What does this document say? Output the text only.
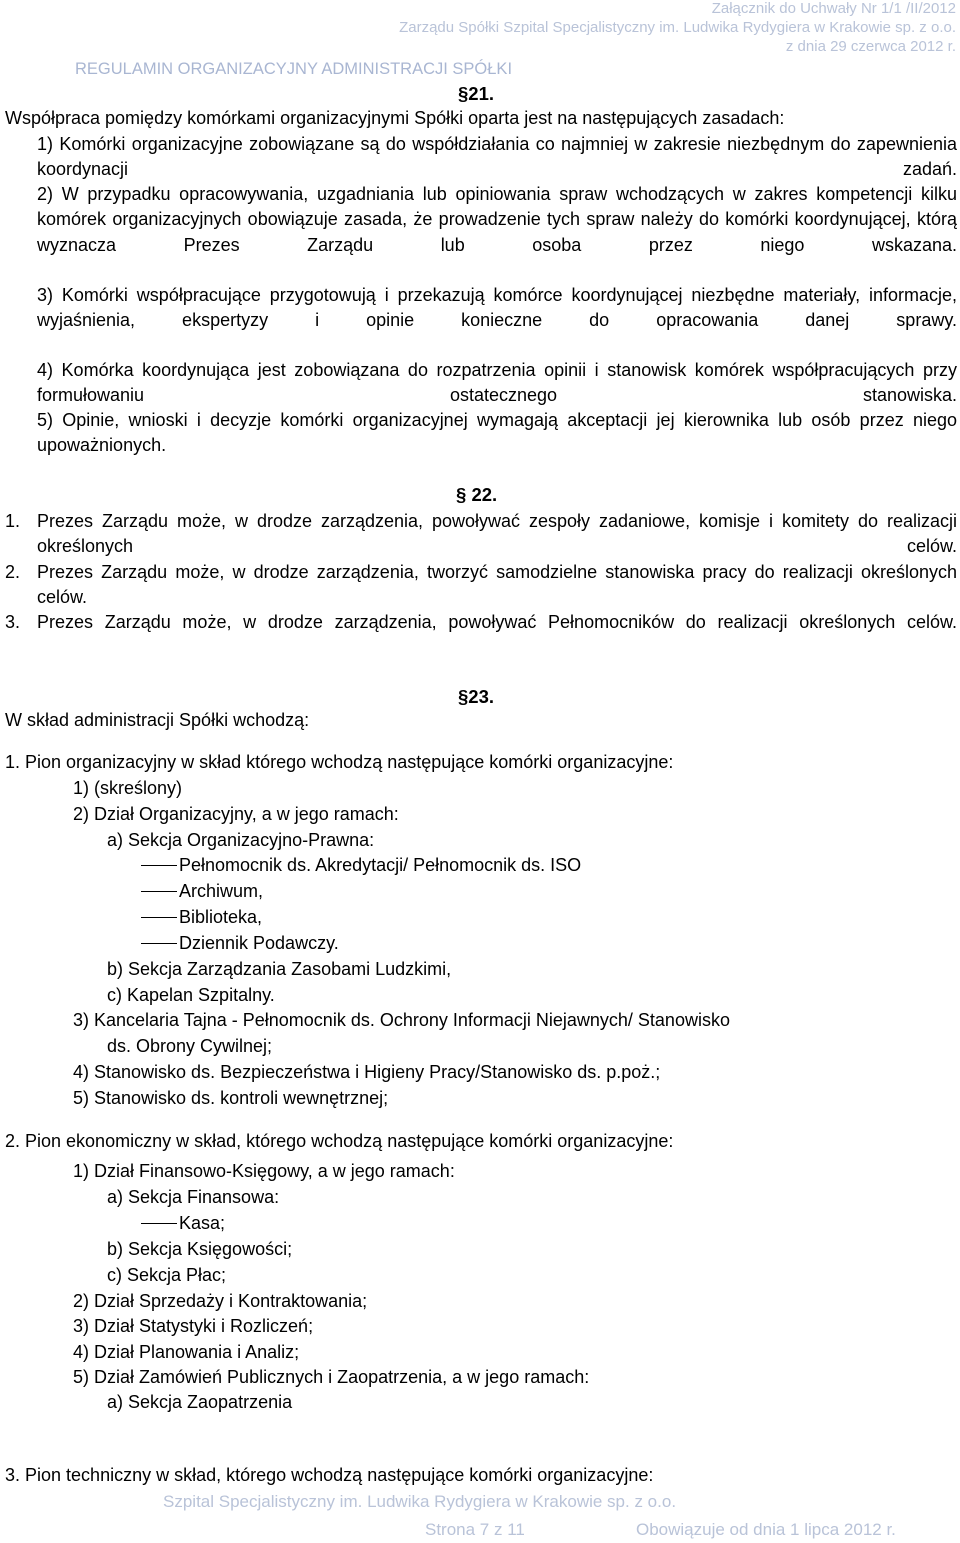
Załącznik do Uchwały Nr 1/1 /II/2012
Zarządu Spółki Szpital Specjalistyczny im. Ludwika Rydygiera w Krakowie sp. z o.o.
z dnia 29 czerwca 2012 r.
REGULAMIN ORGANIZACYJNY ADMINISTRACJI SPÓŁKI
§21.
Współpraca pomiędzy komórkami organizacyjnymi Spółki oparta jest na następujących zasadach:
1) Komórki organizacyjne zobowiązane są do współdziałania co najmniej w zakresie niezbędnym do zapewnienia koordynacji zadań.
2) W przypadku opracowywania, uzgadniania lub opiniowania spraw wchodzących w zakres kompetencji kilku komórek organizacyjnych obowiązuje zasada, że prowadzenie tych spraw należy do komórki koordynującej, którą wyznacza Prezes Zarządu lub osoba przez niego wskazana.
3) Komórki współpracujące przygotowują i przekazują komórce koordynującej niezbędne materiały, informacje, wyjaśnienia, ekspertyzy i opinie konieczne do opracowania danej sprawy.
4) Komórka koordynująca jest zobowiązana do rozpatrzenia opinii i stanowisk komórek współpracujących przy formułowaniu ostatecznego stanowiska.
5) Opinie, wnioski i decyzje komórki organizacyjnej wymagają akceptacji jej kierownika lub osób przez niego upoważnionych.
§ 22.
1. Prezes Zarządu może, w drodze zarządzenia, powoływać zespoły zadaniowe, komisje i komitety do realizacji określonych celów.
2. Prezes Zarządu może, w drodze zarządzenia, tworzyć samodzielne stanowiska pracy do realizacji określonych celów.
3. Prezes Zarządu może, w drodze zarządzenia, powoływać Pełnomocników do realizacji określonych celów.
§23.
W skład administracji Spółki wchodzą:
1. Pion organizacyjny w skład którego wchodzą następujące komórki organizacyjne:
1) (skreślony)
2) Dział Organizacyjny, a w jego ramach:
a) Sekcja Organizacyjno-Prawna:
Pełnomocnik ds. Akredytacji/ Pełnomocnik ds. ISO
Archiwum,
Biblioteka,
Dziennik Podawczy.
b) Sekcja Zarządzania Zasobami Ludzkimi,
c) Kapelan Szpitalny.
3) Kancelaria Tajna - Pełnomocnik ds. Ochrony Informacji Niejawnych/ Stanowisko
ds. Obrony Cywilnej;
4) Stanowisko ds. Bezpieczeństwa i Higieny Pracy/Stanowisko ds. p.poż.;
5) Stanowisko ds. kontroli wewnętrznej;
2. Pion ekonomiczny w skład, którego wchodzą następujące komórki organizacyjne:
1) Dział Finansowo-Księgowy, a w jego ramach:
a) Sekcja Finansowa:
Kasa;
b) Sekcja Księgowości;
c) Sekcja Płac;
2) Dział Sprzedaży i Kontraktowania;
3) Dział Statystyki i Rozliczeń;
4) Dział Planowania i Analiz;
5) Dział Zamówień Publicznych i Zaopatrzenia, a w jego ramach:
a) Sekcja Zaopatrzenia
3. Pion techniczny w skład, którego wchodzą następujące komórki organizacyjne:
Szpital Specjalistyczny im. Ludwika Rydygiera w Krakowie sp. z o.o.
Strona 7 z 11	Obowiązuje od dnia 1 lipca 2012 r.
